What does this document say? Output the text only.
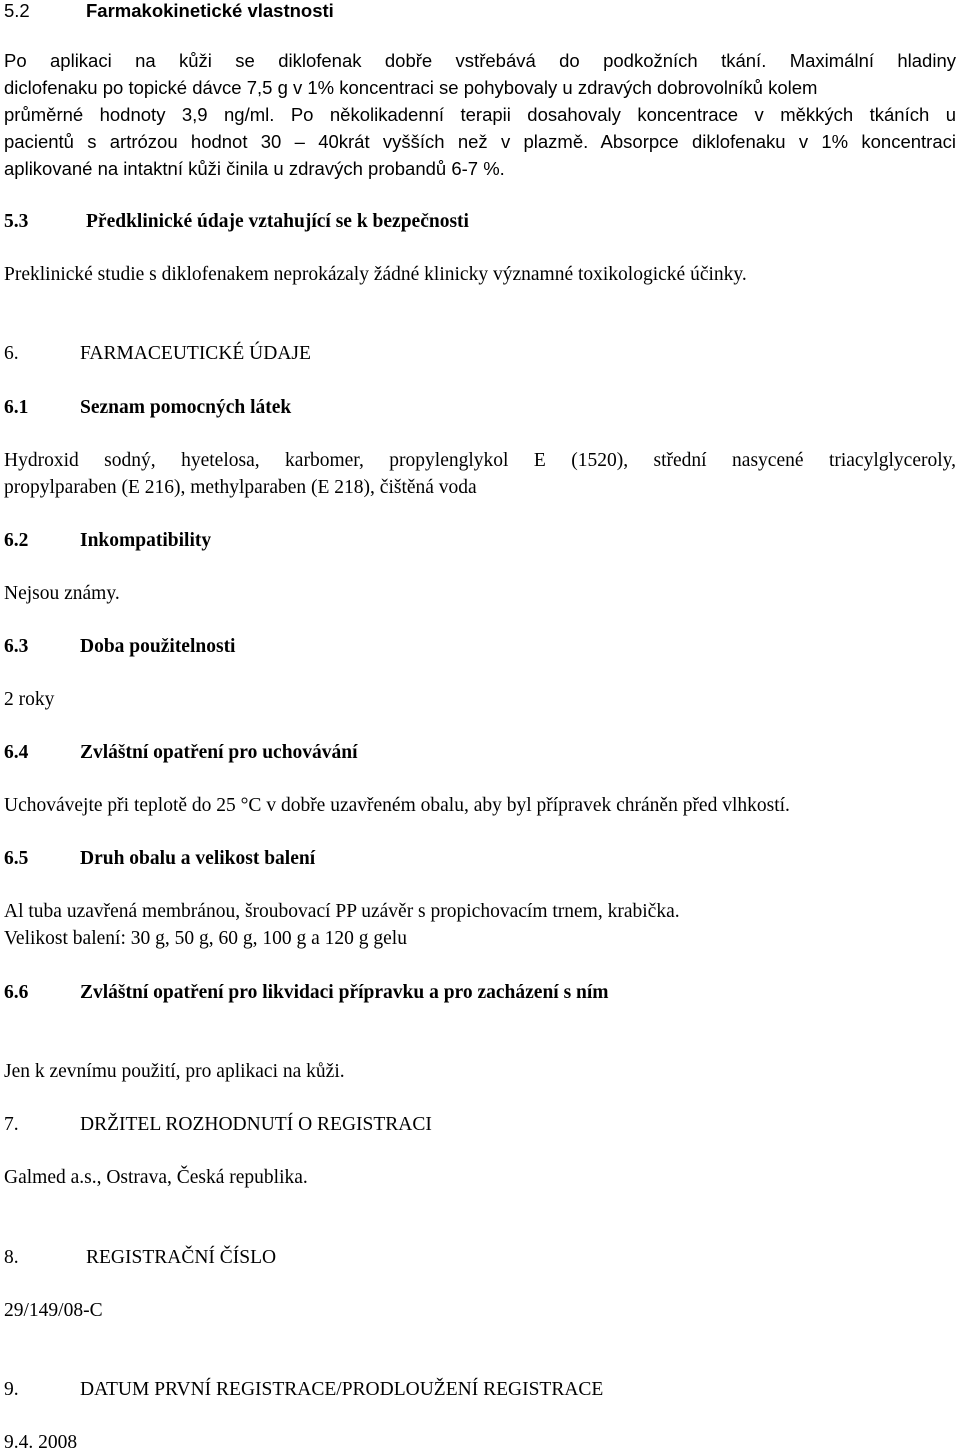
5.2	Farmakokinetické vlastnosti
Po aplikaci na kůži se diklofenak dobře vstřebává do podkožních tkání. Maximální hladiny
diclofenaku po topické dávce 7,5 g v 1% koncentraci se pohybovaly u zdravých dobrovolníků kolem
průměrné hodnoty 3,9 ng/ml. Po několikadenní terapii dosahovaly koncentrace v měkkých tkáních u
pacientů s artrózou hodnot 30 – 40krát vyšších než v plazmě. Absorpce diklofenaku v 1% koncentraci
aplikované na intaktní kůži činila u zdravých probandů 6-7 %.
5.3	Předklinické údaje vztahující se k bezpečnosti
Preklinické studie s diklofenakem neprokázaly žádné klinicky významné toxikologické účinky.
6.	FARMACEUTICKÉ ÚDAJE
6.1	Seznam pomocných látek
Hydroxid sodný, hyetelosa, karbomer, propylenglykol E (1520), střední nasycené triacylglyceroly,
propylparaben (E 216), methylparaben (E 218), čištěná voda
6.2	Inkompatibility
Nejsou známy.
6.3	Doba použitelnosti
2 roky
6.4	Zvláštní opatření pro uchovávání
Uchovávejte při teplotě do 25 °C v dobře uzavřeném obalu, aby byl přípravek chráněn před vlhkostí.
6.5	Druh obalu a velikost balení
Al tuba uzavřená membránou, šroubovací PP uzávěr s propichovacím trnem, krabička.
Velikost balení: 30 g, 50 g, 60 g, 100 g a 120 g gelu
6.6	Zvláštní opatření pro likvidaci přípravku a pro zacházení s ním
Jen k zevnímu použití, pro aplikaci na kůži.
7.	DRŽITEL ROZHODNUTÍ O REGISTRACI
Galmed a.s., Ostrava, Česká republika.
8.	REGISTRAČNÍ ČÍSLO
29/149/08-C
9.	DATUM PRVNÍ REGISTRACE/PRODLOUŽENÍ REGISTRACE
9.4. 2008
